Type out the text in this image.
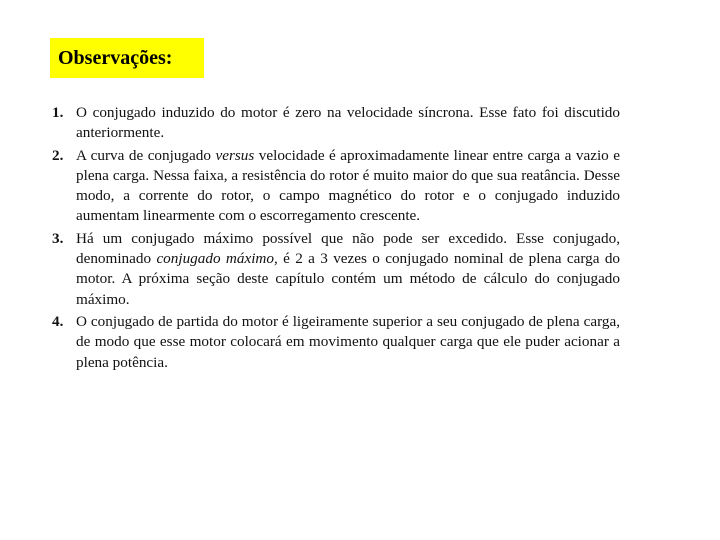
Observações:
1. O conjugado induzido do motor é zero na velocidade síncrona. Esse fato foi discutido anteriormente.
2. A curva de conjugado versus velocidade é aproximadamente linear entre carga a vazio e plena carga. Nessa faixa, a resistência do rotor é muito maior do que sua reatância. Desse modo, a corrente do rotor, o campo magnético do rotor e o conjugado induzido aumentam linearmente com o escorregamento crescente.
3. Há um conjugado máximo possível que não pode ser excedido. Esse conjugado, denominado conjugado máximo, é 2 a 3 vezes o conjugado nominal de plena carga do motor. A próxima seção deste capítulo contém um método de cálculo do conjugado máximo.
4. O conjugado de partida do motor é ligeiramente superior a seu conjugado de plena carga, de modo que esse motor colocará em movimento qualquer carga que ele puder acionar a plena potência.
